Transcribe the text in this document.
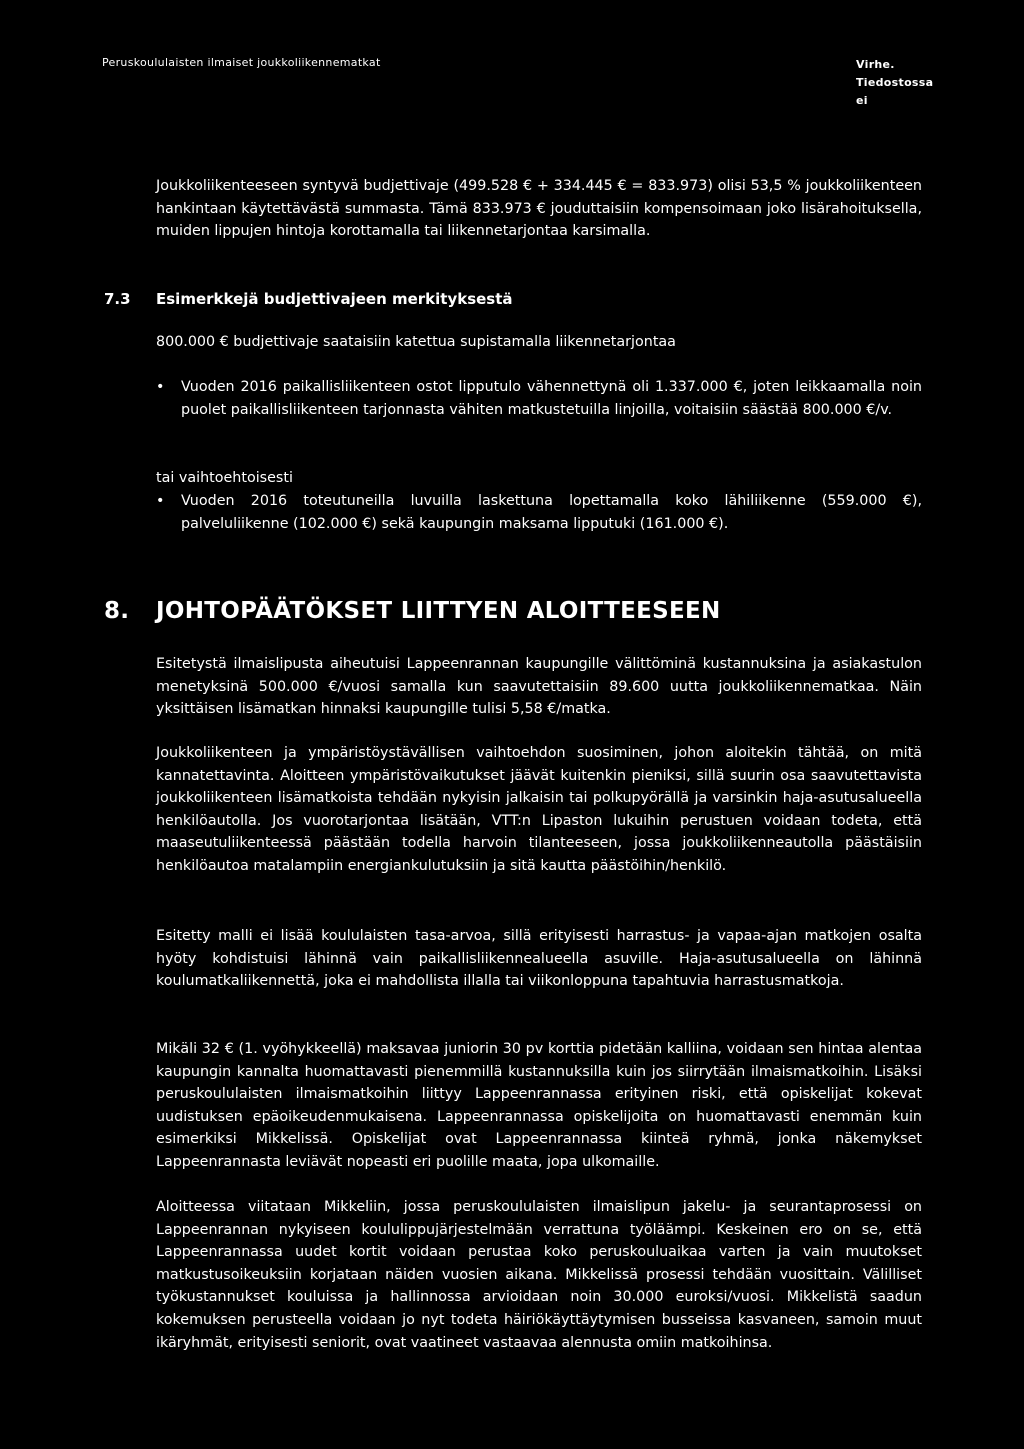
Peruskoululaisten ilmaiset joukkoliikennematkat	Virhe. Tiedostossa ei

Joukkoliikenteeseen syntyvä budjettivaje (499.528 € + 334.445 € = 833.973) olisi 53,5 % joukkoliikenteen hankintaan käytettävästä summasta. Tämä 833.973 € jouduttaisiin kompensoimaan joko lisärahoituksella, muiden lippujen hintoja korottamalla tai liikennetarjontaa karsimalla.

7.3 Esimerkkejä budjettivajeen merkityksestä

800.000 € budjettivaje saataisiin katettua supistamalla liikennetarjontaa

• Vuoden 2016 paikallisliikenteen ostot lipputulo vähennettynä oli 1.337.000 €, joten leikkaamalla noin puolet paikallisliikenteen tarjonnasta vähiten matkustetuilla linjoilla, voitaisiin säästää 800.000 €/v.

tai vaihtoehtoisesti

• Vuoden 2016 toteutuneilla luvuilla laskettuna lopettamalla koko lähiliikenne (559.000 €), palveluliikenne (102.000 €) sekä kaupungin maksama lipputuki (161.000 €).
8. JOHTOPÄÄTÖKSET LIITTYEN ALOITTEESEEN

Esitetystä ilmaislipusta aiheutuisi Lappeenrannan kaupungille välittöminä kustannuksina ja asiakastulon menetyksinä 500.000 €/vuosi samalla kun saavutettaisiin 89.600 uutta joukkoliikennematkaa. Näin yksittäisen lisämatkan hinnaksi kaupungille tulisi 5,58 €/matka.

Joukkoliikenteen ja ympäristöystävällisen vaihtoehdon suosiminen, johon aloitekin tähtää, on mitä kannatettavinta. Aloitteen ympäristövaikutukset jäävät kuitenkin pieniksi, sillä suurin osa saavutettavista joukkoliikenteen lisämatkoista tehdään nykyisin jalkaisin tai polkupyörällä ja varsinkin haja-asutusalueella henkilöautolla. Jos vuorotarjontaa lisätään, VTT:n Lipaston lukuihin perustuen voidaan todeta, että maaseutuliikenteessä päästään todella harvoin tilanteeseen, jossa joukkoliikenneautolla päästäisiin henkilöautoa matalampiin energiankulutuksiin ja sitä kautta päästöihin/henkilö.

Esitetty malli ei lisää koululaisten tasa-arvoa, sillä erityisesti harrastus- ja vapaa-ajan matkojen osalta hyöty kohdistuisi lähinnä vain paikallisliikennealueella asuville. Haja-asutusalueella on lähinnä koulumatkaliikennettä, joka ei mahdollista illalla tai viikonloppuna tapahtuvia harrastusmatkoja.

Mikäli 32 € (1. vyöhykkeellä) maksavaa juniorin 30 pv korttia pidetään kalliina, voidaan sen hintaa alentaa kaupungin kannalta huomattavasti pienemmillä kustannuksilla kuin jos siirrytään ilmaismatkoihin. Lisäksi peruskoululaisten ilmaismatkoihin liittyy Lappeenrannassa erityinen riski, että opiskelijat kokevat uudistuksen epäoikeudenmukaisena. Lappeenrannassa opiskelijoita on huomattavasti enemmän kuin esimerkiksi Mikkelissä. Opiskelijat ovat Lappeenrannassa kiinteä ryhmä, jonka näkemykset Lappeenrannasta leviävät nopeasti eri puolille maata, jopa ulkomaille.

Aloitteessa viitataan Mikkeliin, jossa peruskoululaisten ilmaislipun jakelu- ja seurantaprosessi on Lappeenrannan nykyiseen koululippujärjestelmään verrattuna työläämpi. Keskeinen ero on se, että Lappeenrannassa uudet kortit voidaan perustaa koko peruskouluaikaa varten ja vain muutokset matkustusoikeuksiin korjataan näiden vuosien aikana. Mikkelissä prosessi tehdään vuosittain. Välilliset työkustannukset kouluissa ja hallinnossa arvioidaan noin 30.000 euroksi/vuosi. Mikkelistä saadun kokemuksen perusteella voidaan jo nyt todeta häiriökäyttäytymisen busseissa kasvaneen, samoin muut ikäryhmät, erityisesti seniorit, ovat vaatineet vastaavaa alennusta omiin matkoihinsa.
